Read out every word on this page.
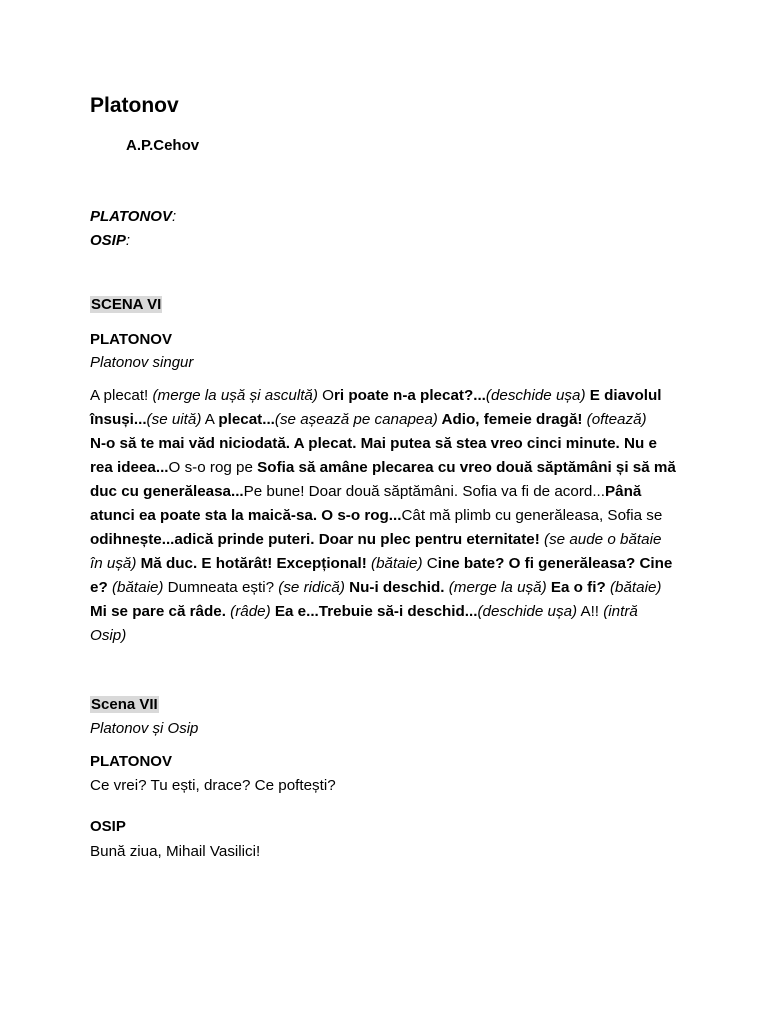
Platonov
A.P.Cehov
PLATONOV:
OSIP:
SCENA VI
PLATONOV
Platonov singur
A plecat! (merge la ușă și ascultă) Ori poate n-a plecat?...(deschide ușa) E diavolul
însuși...(se uită) A plecat...(se așează pe canapea) Adio, femeie dragă! (oftează)
N-o să te mai văd niciodată. A plecat. Mai putea să stea vreo cinci minute. Nu e
rea ideea...O s-o rog pe Sofia să amâne plecarea cu vreo două săptămâni și să mă
duc cu generăleasa...Pe bune! Doar două săptămâni. Sofia va fi de acord...Până
atunci ea poate sta la maică-sa. O s-o rog...Cât mă plimb cu generăleasa, Sofia se
odihnește...adică prinde puteri. Doar nu plec pentru eternitate! (se aude o bătaie
în ușă) Mă duc. E hotărât! Excepțional! (bătaie) Cine bate? O fi generăleasa? Cine
e? (bătaie) Dumneata ești? (se ridică) Nu-i deschid. (merge la ușă) Ea o fi? (bătaie)
Mi se pare că râde. (râde) Ea e...Trebuie să-i deschid...(deschide ușa) A!! (intră
Osip)
Scena VII
Platonov și Osip
PLATONOV
Ce vrei? Tu ești, drace? Ce poftești?
OSIP
Bună ziua, Mihail Vasilici!
